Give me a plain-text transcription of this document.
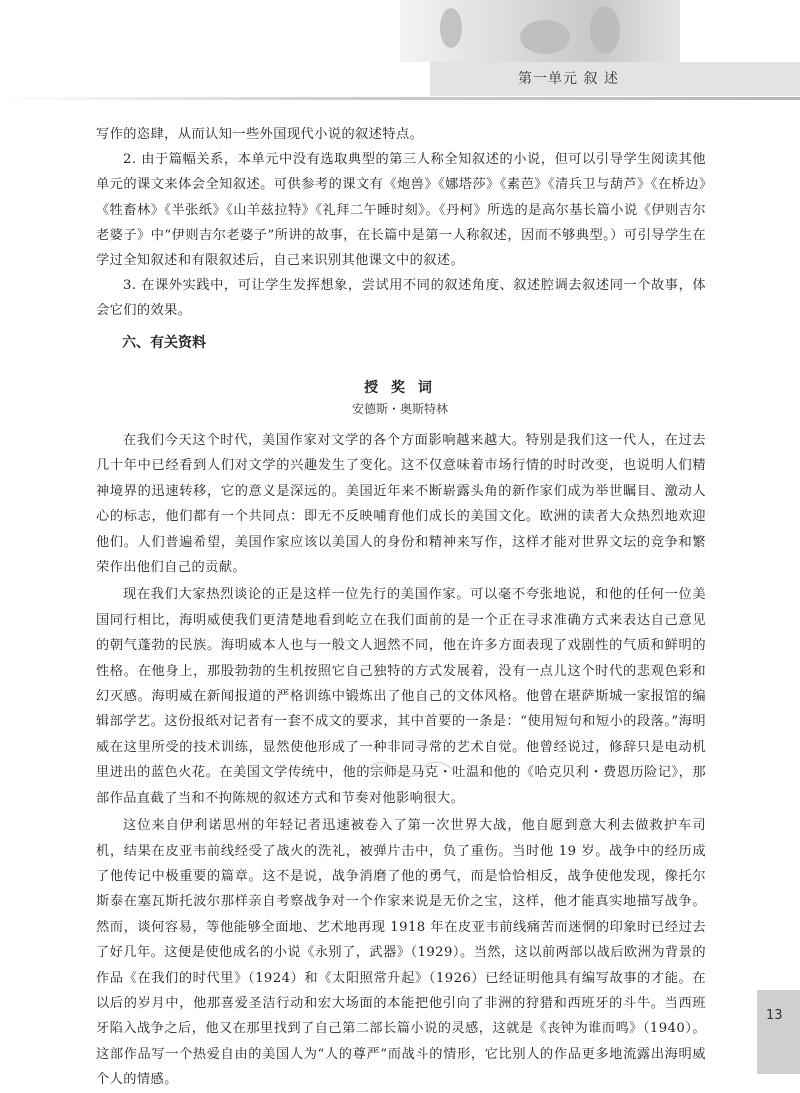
第一单元 叙 述

写作的恣肆，从而认知一些外国现代小说的叙述特点。

2. 由于篇幅关系，本单元中没有选取典型的第三人称全知叙述的小说，但可以引导学生阅读其他单元的课文来体会全知叙述。可供参考的课文有《炮兽》《娜塔莎》《素芭》《清兵卫与葫芦》《在桥边》《牲畜林》《半张纸》《山羊兹拉特》《礼拜二午睡时刻》。《丹柯》所选的是高尔基长篇小说《伊则吉尔老婆子》中“伊则吉尔老婆子”所讲的故事，在长篇中是第一人称叙述，因而不够典型。）可引导学生在学过全知叙述和有限叙述后，自己来识别其他课文中的叙述。

3. 在课外实践中，可让学生发挥想象，尝试用不同的叙述角度、叙述腔调去叙述同一个故事，体会它们的效果。

六、有关资料
授 奖 词
安德斯・奥斯特林

在我们今天这个时代，美国作家对文学的各个方面影响越来越大。特别是我们这一代人，在过去几十年中已经看到人们对文学的兴趣发生了变化。这不仅意味着市场行情的时时改变，也说明人们精神境界的迅速转移，它的意义是深远的。美国近年来不断崭露头角的新作家们成为举世瞩目、激动人心的标志，他们都有一个共同点：即无不反映哺育他们成长的美国文化。欧洲的读者大众热烈地欢迎他们。人们普遍希望，美国作家应该以美国人的身份和精神来写作，这样才能对世界文坛的竞争和繁荣作出他们自己的贡献。

现在我们大家热烈谈论的正是这样一位先行的美国作家。可以毫不夸张地说，和他的任何一位美国同行相比，海明威使我们更清楚地看到屹立在我们面前的是一个正在寻求准确方式来表达自己意见的朝气蓬勃的民族。海明威本人也与一般文人迥然不同，他在许多方面表现了戏剧性的气质和鲜明的性格。在他身上，那股勃勃的生机按照它自己独特的方式发展着，没有一点儿这个时代的悲观色彩和幻灭感。海明威在新闻报道的严格训练中锻炼出了他自己的文体风格。他曾在堪萨斯城一家报馆的编辑部学艺。这份报纸对记者有一套不成文的要求，其中首要的一条是：“使用短句和短小的段落。”海明威在这里所受的技术训练，显然使他形成了一种非同寻常的艺术自觉。他曾经说过，修辞只是电动机里迸出的蓝色火花。在美国文学传统中，他的宗师是马克・吐温和他的《哈克贝利・费恩历险记》，那部作品直截了当和不拘陈规的叙述方式和节奏对他影响很大。

这位来自伊利诺思州的年轻记者迅速被卷入了第一次世界大战，他自愿到意大利去做救护车司机，结果在皮亚韦前线经受了战火的洗礼，被弹片击中，负了重伤。当时他 19 岁。战争中的经历成了他传记中极重要的篇章。这不是说，战争消磨了他的勇气，而是恰恰相反，战争使他发现，像托尔斯泰在塞瓦斯托波尔那样亲自考察战争对一个作家来说是无价之宝，这样，他才能真实地描写战争。然而，谈何容易，等他能够全面地、艺术地再现 1918 年在皮亚韦前线痛苦而迷惘的印象时已经过去了好几年。这便是使他成名的小说《永别了，武器》（1929）。当然，这以前两部以战后欧洲为背景的作品《在我们的时代里》（1924）和《太阳照常升起》（1926）已经证明他具有编写故事的才能。在以后的岁月中，他那喜爱圣洁行动和宏大场面的本能把他引向了非洲的狩猎和西班牙的斗牛。当西班牙陷入战争之后，他又在那里找到了自己第二部长篇小说的灵感，这就是《丧钟为谁而鸣》（1940）。这部作品写一个热爱自由的美国人为“人的尊严”而战斗的情形，它比别人的作品更多地流露出海明威个人的情感。

13
